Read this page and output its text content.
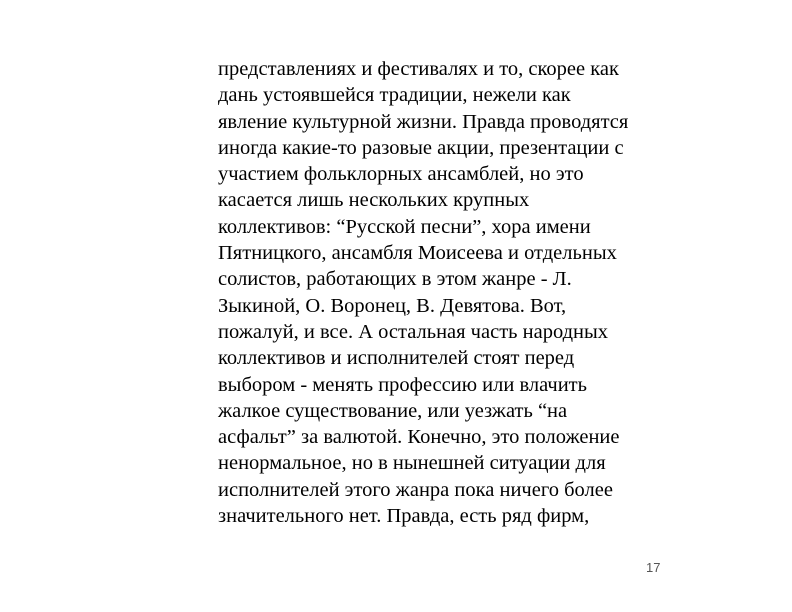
представлениях и фестивалях и то, скорее как
дань устоявшейся традиции, нежели как
явление культурной жизни. Правда проводятся
иногда какие-то разовые акции, презентации с
участием фольклорных ансамблей, но это
касается лишь нескольких крупных
коллективов: “Русской песни”, хора имени
Пятницкого, ансамбля Моисеева и отдельных
солистов, работающих в этом жанре - Л.
Зыкиной, О. Воронец, В. Девятова. Вот,
пожалуй, и все. А остальная часть народных
коллективов и исполнителей стоят перед
выбором - менять профессию или влачить
жалкое существование, или уезжать “на
асфальт” за валютой. Конечно, это положение
ненормальное, но в нынешней ситуации для
исполнителей этого жанра пока ничего более
значительного нет. Правда, есть ряд фирм,
17
